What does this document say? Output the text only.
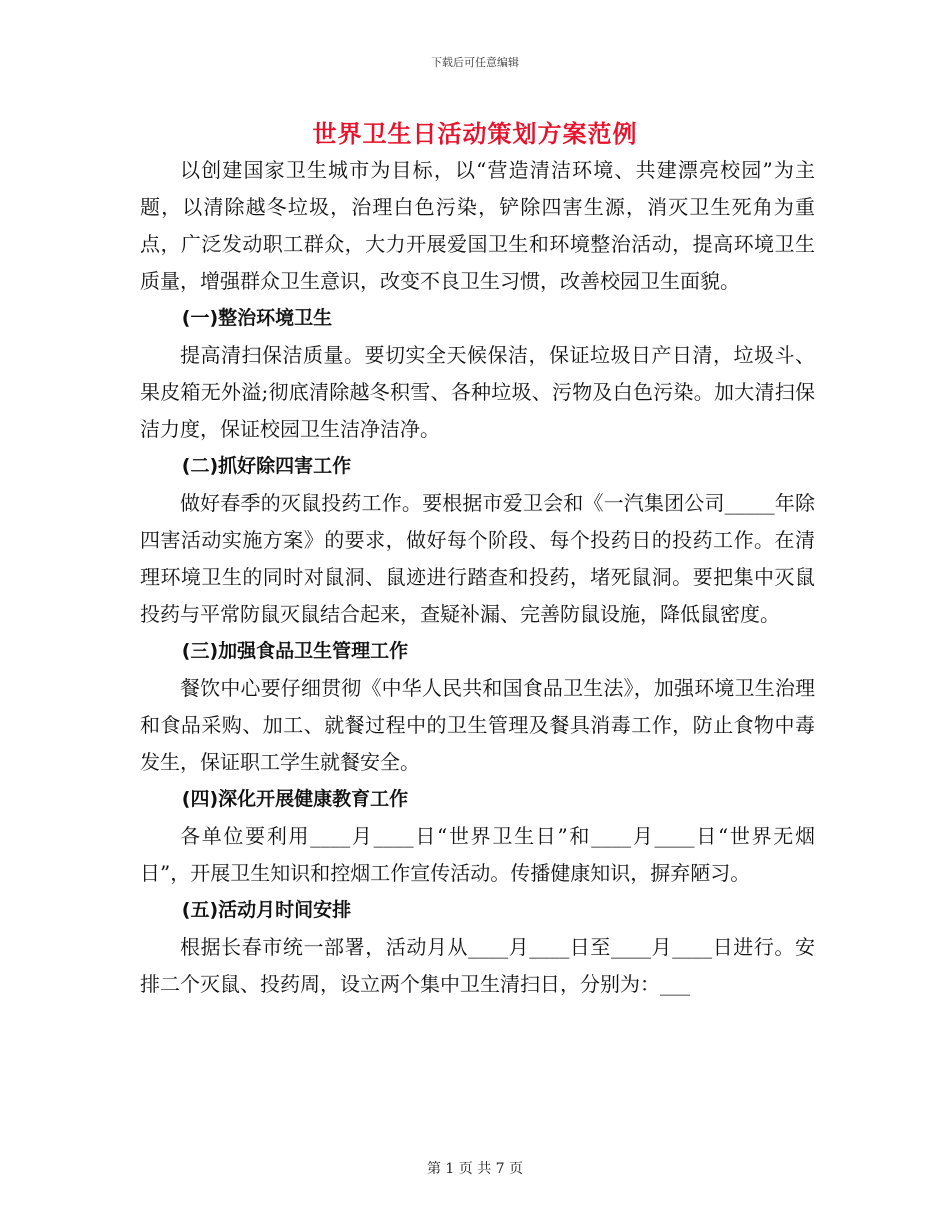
下载后可任意编辑
世界卫生日活动策划方案范例

以创建国家卫生城市为目标，以“营造清洁环境、共建漂亮校园”为主题，以清除越冬垃圾，治理白色污染，铲除四害生源，消灭卫生死角为重点，广泛发动职工群众，大力开展爱国卫生和环境整治活动，提高环境卫生质量，增强群众卫生意识，改变不良卫生习惯，改善校园卫生面貌。

(一)整治环境卫生

提高清扫保洁质量。要切实全天候保洁，保证垃圾日产日清，垃圾斗、果皮箱无外溢;彻底清除越冬积雪、各种垃圾、污物及白色污染。加大清扫保洁力度，保证校园卫生洁净洁净。

(二)抓好除四害工作

做好春季的灭鼠投药工作。要根据市爱卫会和《一汽集团公司_____年除四害活动实施方案》的要求，做好每个阶段、每个投药日的投药工作。在清理环境卫生的同时对鼠洞、鼠迹进行踏查和投药，堵死鼠洞。要把集中灭鼠投药与平常防鼠灭鼠结合起来，查疑补漏、完善防鼠设施，降低鼠密度。

(三)加强食品卫生管理工作

餐饮中心要仔细贯彻《中华人民共和国食品卫生法》，加强环境卫生治理和食品采购、加工、就餐过程中的卫生管理及餐具消毒工作，防止食物中毒发生，保证职工学生就餐安全。

(四)深化开展健康教育工作

各单位要利用____月____日“世界卫生日”和____月____日“世界无烟日”，开展卫生知识和控烟工作宣传活动。传播健康知识，摒弃陋习。

(五)活动月时间安排

根据长春市统一部署，活动月从____月____日至____月____日进行。安排二个灭鼠、投药周，设立两个集中卫生清扫日，分别为：___

第 1 页 共 7 页
